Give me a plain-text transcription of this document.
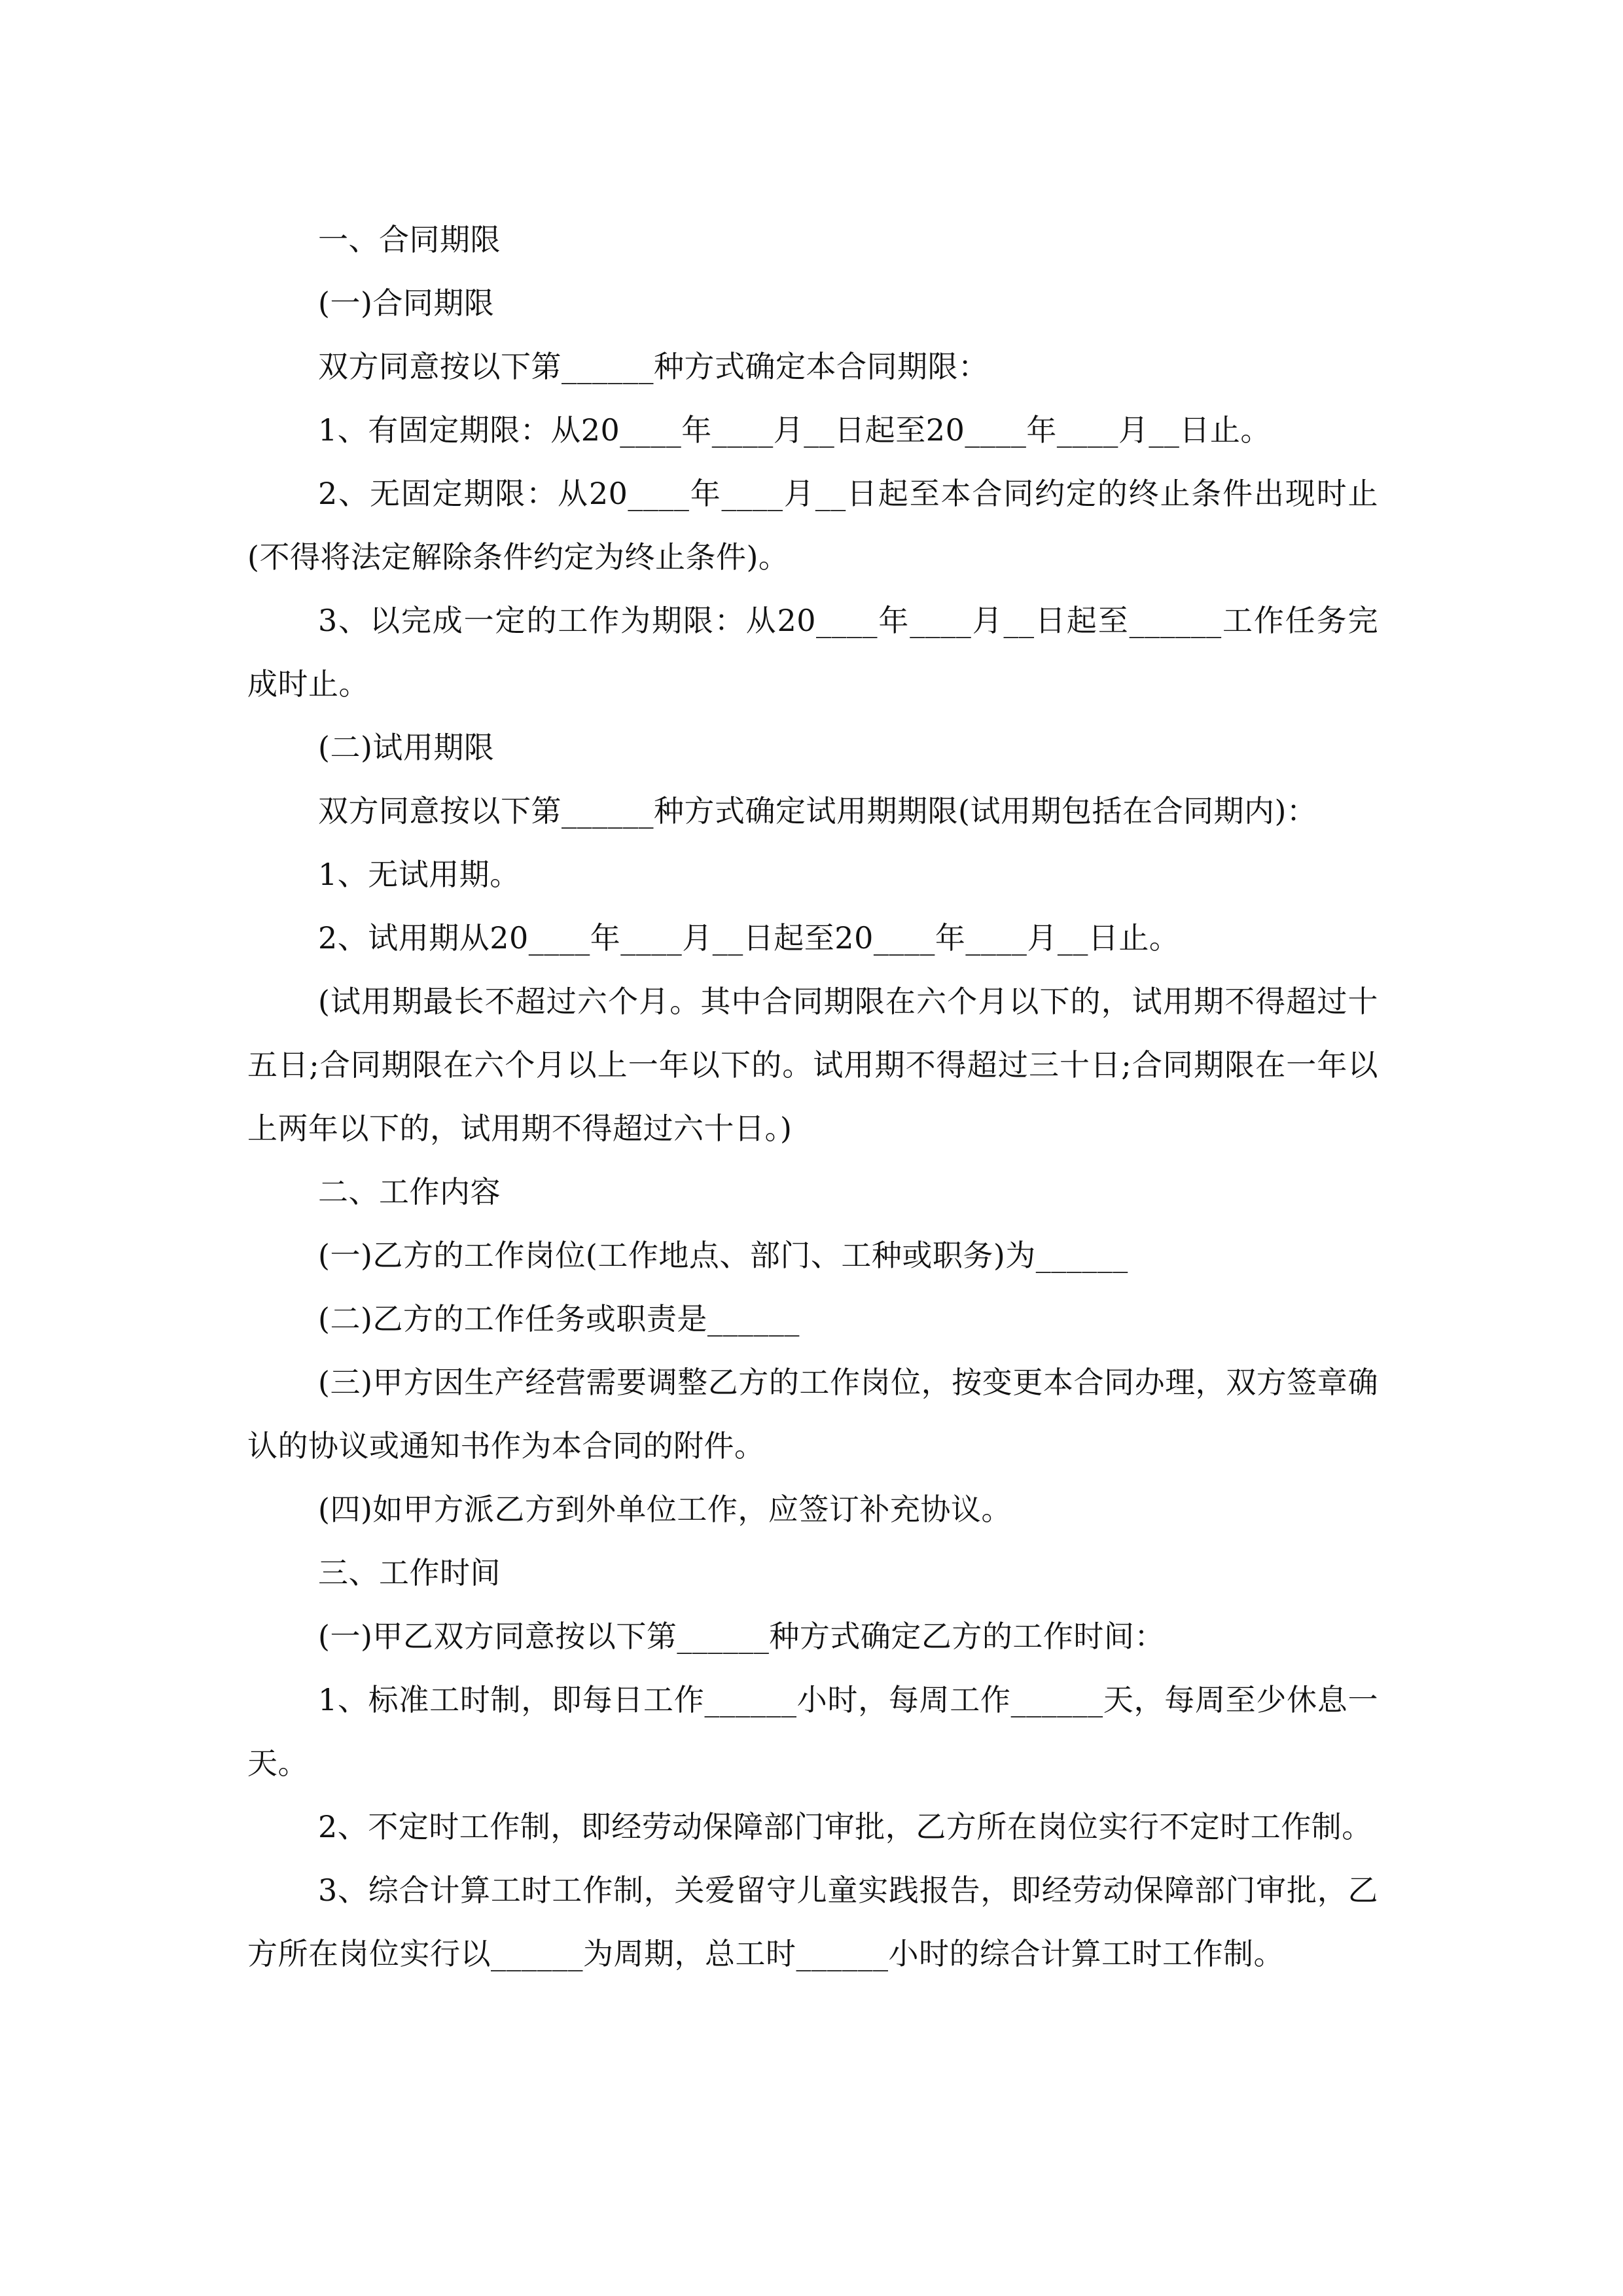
一、合同期限

(一)合同期限

双方同意按以下第______种方式确定本合同期限：

1、有固定期限：从20____年____月__日起至20____年____月__日止。

2、无固定期限：从20____年____月__日起至本合同约定的终止条件出现时止(不得将法定解除条件约定为终止条件)。

3、以完成一定的工作为期限：从20____年____月__日起至______工作任务完成时止。

(二)试用期限

双方同意按以下第______种方式确定试用期期限(试用期包括在合同期内)：

1、无试用期。

2、试用期从20____年____月__日起至20____年____月__日止。

(试用期最长不超过六个月。其中合同期限在六个月以下的，试用期不得超过十五日;合同期限在六个月以上一年以下的。试用期不得超过三十日;合同期限在一年以上两年以下的，试用期不得超过六十日。)

二、工作内容

(一)乙方的工作岗位(工作地点、部门、工种或职务)为______

(二)乙方的工作任务或职责是______

(三)甲方因生产经营需要调整乙方的工作岗位，按变更本合同办理，双方签章确认的协议或通知书作为本合同的附件。

(四)如甲方派乙方到外单位工作，应签订补充协议。

三、工作时间

(一)甲乙双方同意按以下第______种方式确定乙方的工作时间：

1、标准工时制，即每日工作______小时，每周工作______天，每周至少休息一天。

2、不定时工作制，即经劳动保障部门审批，乙方所在岗位实行不定时工作制。

3、综合计算工时工作制，关爱留守儿童实践报告，即经劳动保障部门审批，乙方所在岗位实行以______为周期，总工时______小时的综合计算工时工作制。
